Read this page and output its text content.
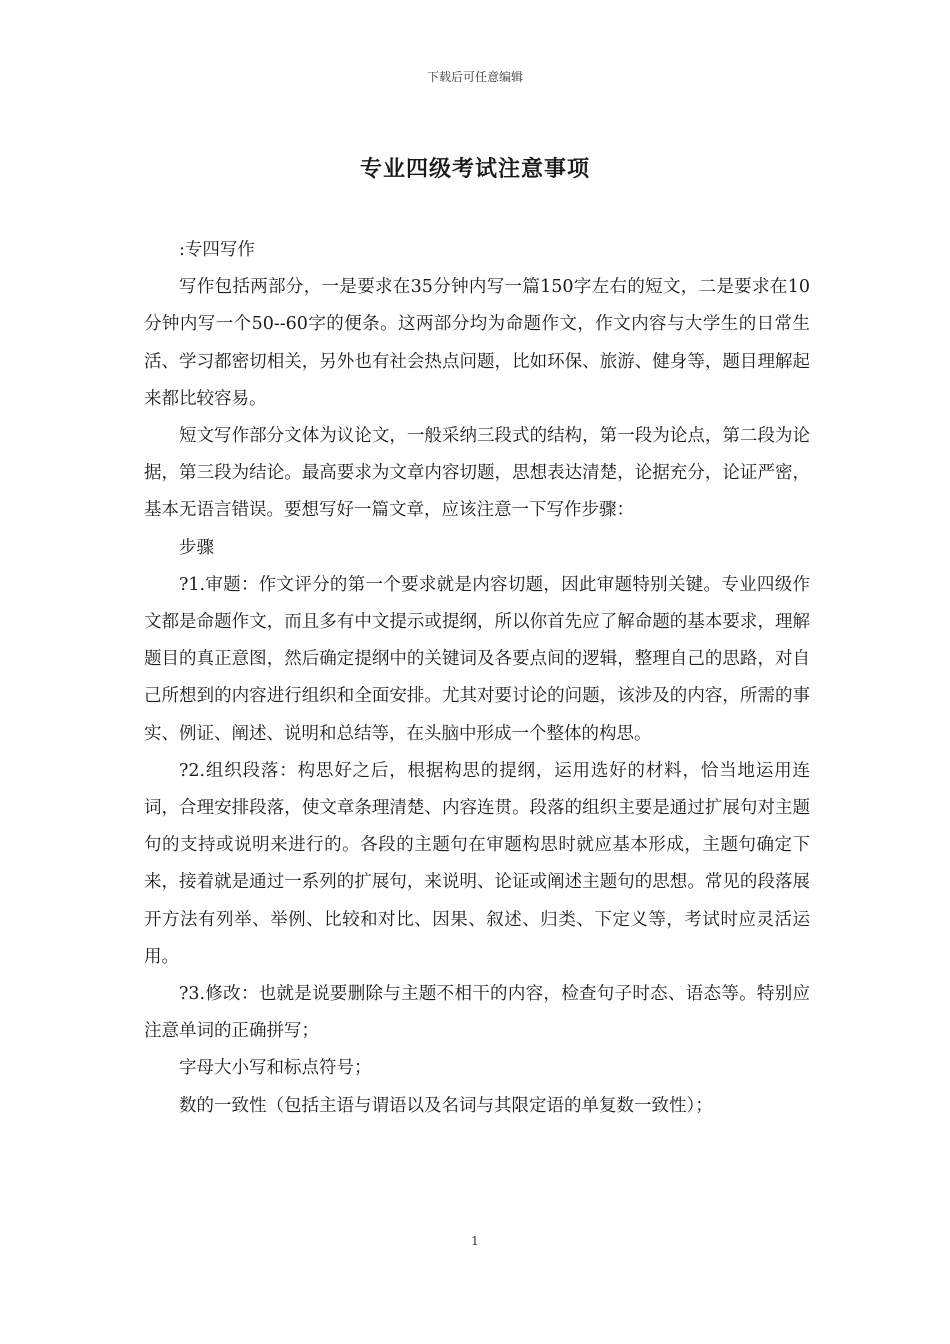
下载后可任意编辑
专业四级考试注意事项

:专四写作

写作包括两部分，一是要求在35分钟内写一篇150字左右的短文，二是要求在10分钟内写一个50--60字的便条。这两部分均为命题作文，作文内容与大学生的日常生活、学习都密切相关，另外也有社会热点问题，比如环保、旅游、健身等，题目理解起来都比较容易。

短文写作部分文体为议论文，一般采纳三段式的结构，第一段为论点，第二段为论据，第三段为结论。最高要求为文章内容切题，思想表达清楚，论据充分，论证严密，基本无语言错误。要想写好一篇文章，应该注意一下写作步骤：

步骤

?1.审题：作文评分的第一个要求就是内容切题，因此审题特别关键。专业四级作文都是命题作文，而且多有中文提示或提纲，所以你首先应了解命题的基本要求，理解题目的真正意图，然后确定提纲中的关键词及各要点间的逻辑，整理自己的思路，对自己所想到的内容进行组织和全面安排。尤其对要讨论的问题，该涉及的内容，所需的事实、例证、阐述、说明和总结等，在头脑中形成一个整体的构思。

?2.组织段落：构思好之后，根据构思的提纲，运用选好的材料，恰当地运用连词，合理安排段落，使文章条理清楚、内容连贯。段落的组织主要是通过扩展句对主题句的支持或说明来进行的。各段的主题句在审题构思时就应基本形成，主题句确定下来，接着就是通过一系列的扩展句，来说明、论证或阐述主题句的思想。常见的段落展开方法有列举、举例、比较和对比、因果、叙述、归类、下定义等，考试时应灵活运用。

?3.修改：也就是说要删除与主题不相干的内容，检查句子时态、语态等。特别应注意单词的正确拼写；

字母大小写和标点符号；

数的一致性（包括主语与谓语以及名词与其限定语的单复数一致性）；

1
